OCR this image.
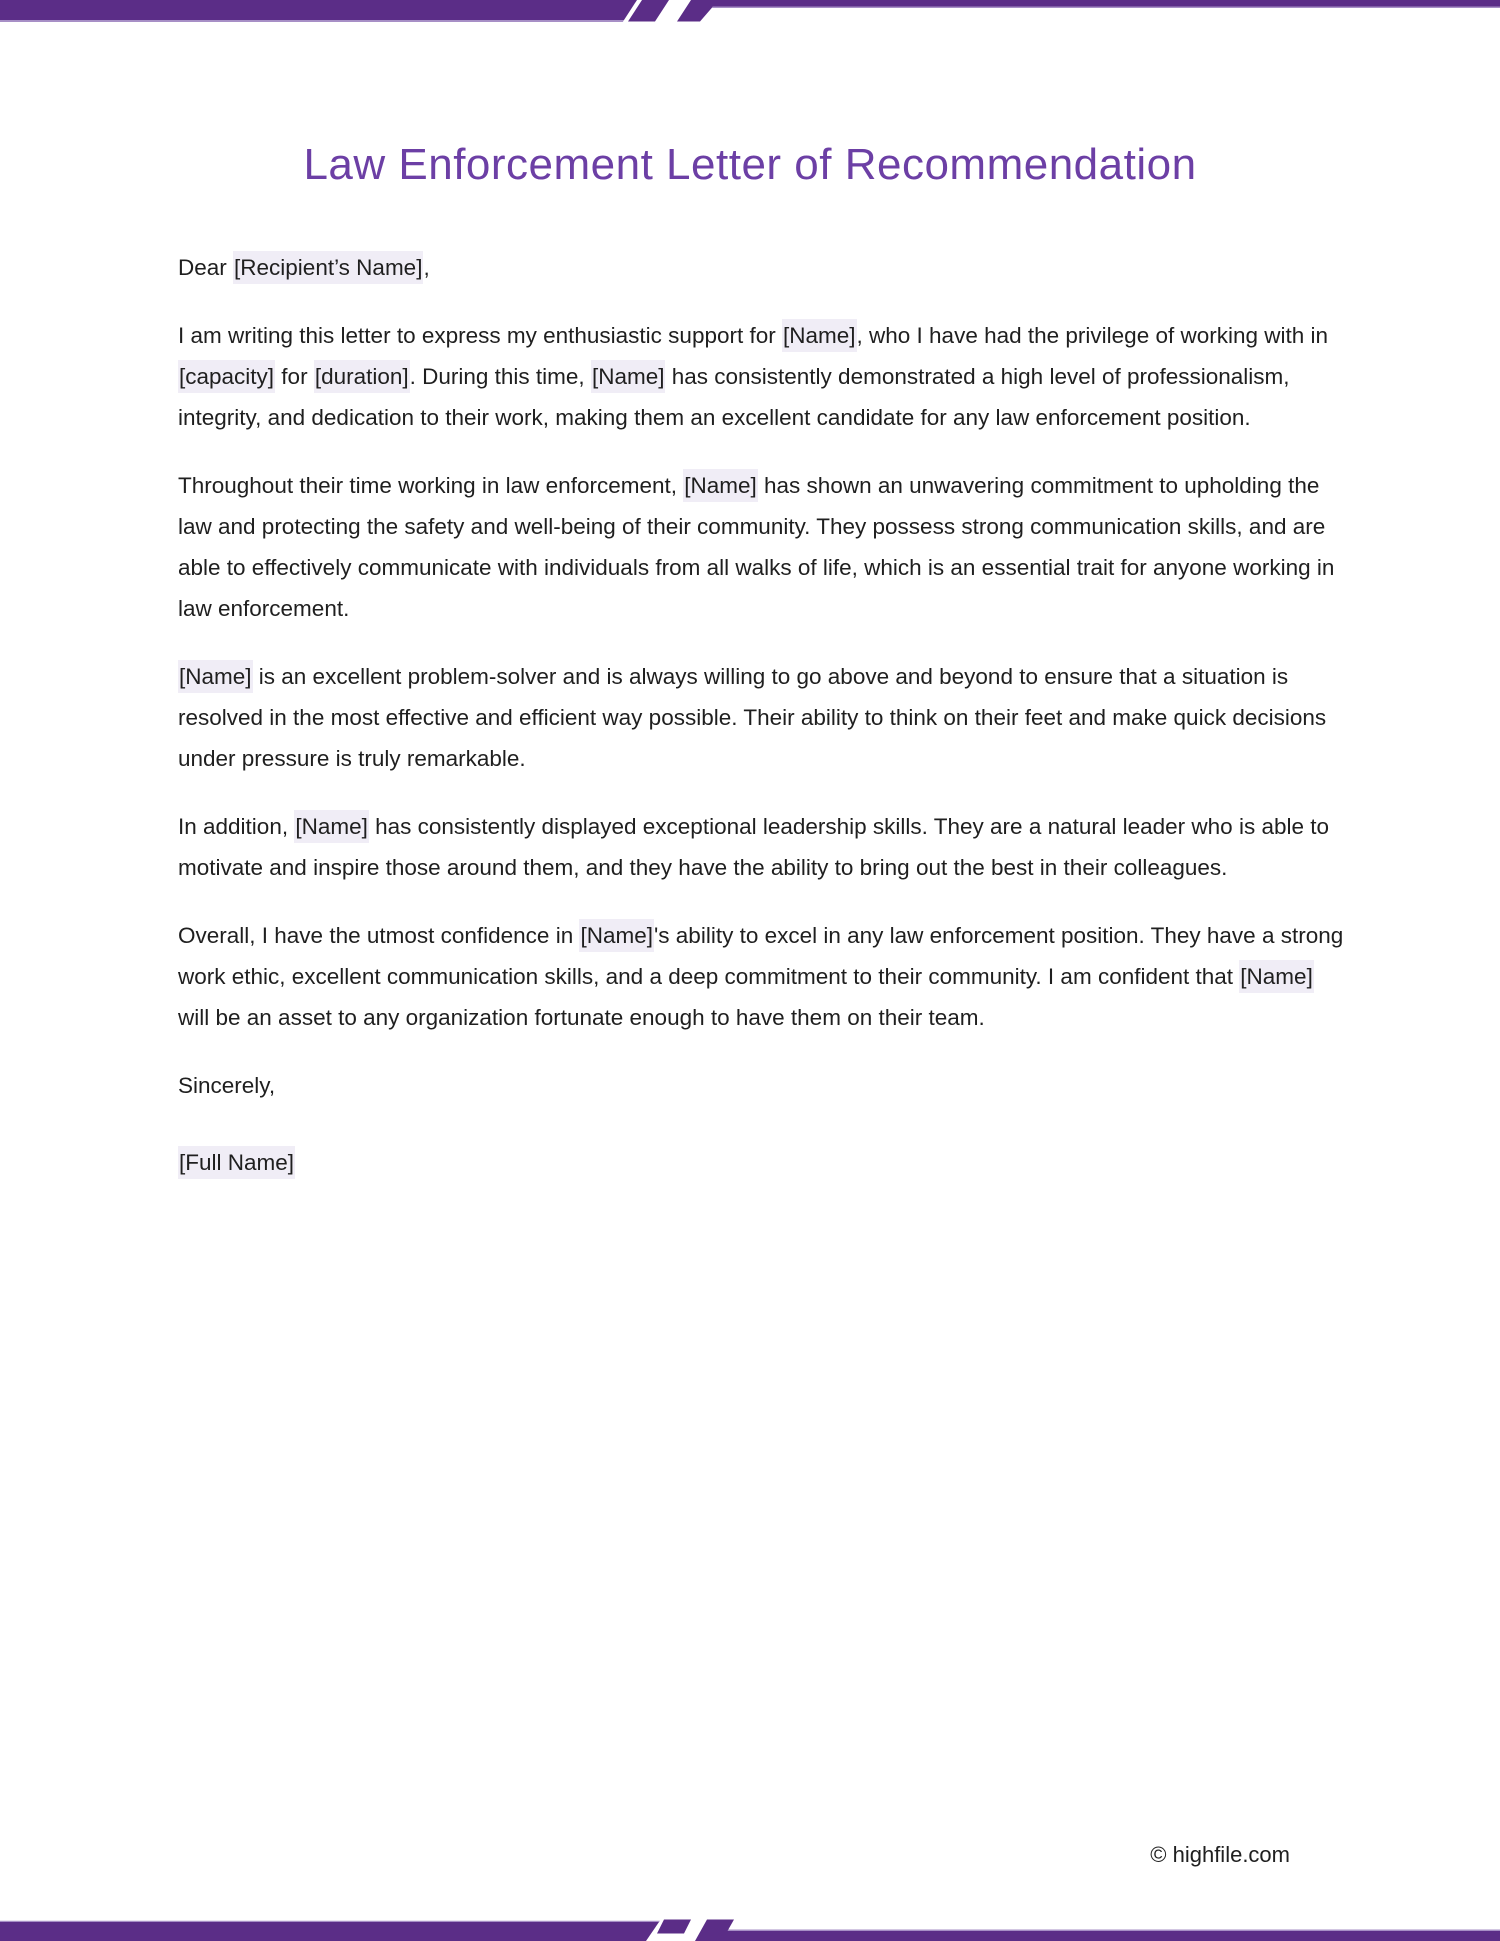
Law Enforcement Letter of Recommendation

Dear [Recipient’s Name],

I am writing this letter to express my enthusiastic support for [Name], who I have had the privilege of working with in [capacity] for [duration]. During this time, [Name] has consistently demonstrated a high level of professionalism, integrity, and dedication to their work, making them an excellent candidate for any law enforcement position.

Throughout their time working in law enforcement, [Name] has shown an unwavering commitment to upholding the law and protecting the safety and well-being of their community. They possess strong communication skills, and are able to effectively communicate with individuals from all walks of life, which is an essential trait for anyone working in law enforcement.

[Name] is an excellent problem-solver and is always willing to go above and beyond to ensure that a situation is resolved in the most effective and efficient way possible. Their ability to think on their feet and make quick decisions under pressure is truly remarkable.

In addition, [Name] has consistently displayed exceptional leadership skills. They are a natural leader who is able to motivate and inspire those around them, and they have the ability to bring out the best in their colleagues.

Overall, I have the utmost confidence in [Name]'s ability to excel in any law enforcement position. They have a strong work ethic, excellent communication skills, and a deep commitment to their community. I am confident that [Name] will be an asset to any organization fortunate enough to have them on their team.

Sincerely,

[Full Name]

© highfile.com
